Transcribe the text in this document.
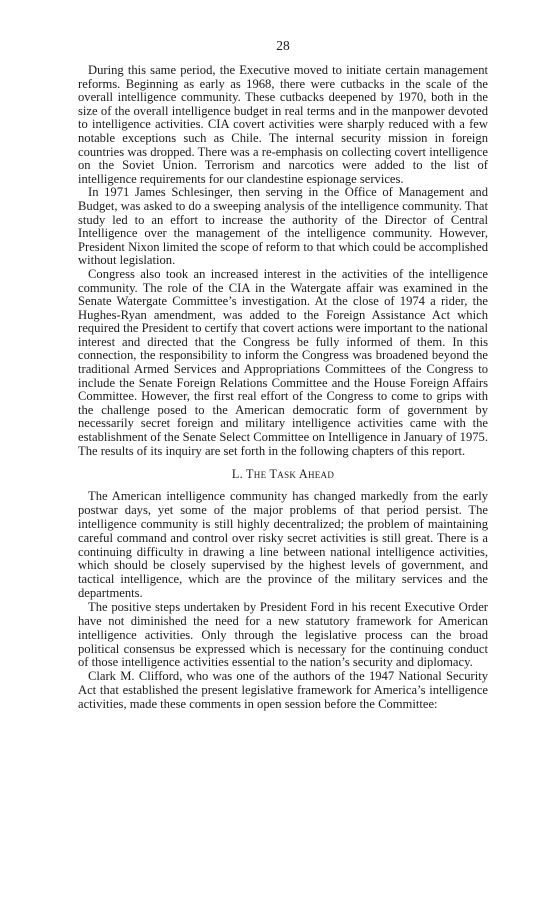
28

During this same period, the Executive moved to initiate certain management reforms. Beginning as early as 1968, there were cutbacks in the scale of the overall intelligence community. These cutbacks deepened by 1970, both in the size of the overall intelligence budget in real terms and in the manpower devoted to intelligence activities. CIA covert activities were sharply reduced with a few notable exceptions such as Chile. The internal security mission in foreign countries was dropped. There was a re-emphasis on collecting covert intelligence on the Soviet Union. Terrorism and narcotics were added to the list of intelligence requirements for our clandestine espionage services.

In 1971 James Schlesinger, then serving in the Office of Management and Budget, was asked to do a sweeping analysis of the intelligence community. That study led to an effort to increase the authority of the Director of Central Intelligence over the management of the intelligence community. However, President Nixon limited the scope of reform to that which could be accomplished without legislation.

Congress also took an increased interest in the activities of the intelligence community. The role of the CIA in the Watergate affair was examined in the Senate Watergate Committee’s investigation. At the close of 1974 a rider, the Hughes-Ryan amendment, was added to the Foreign Assistance Act which required the President to certify that covert actions were important to the national interest and directed that the Congress be fully informed of them. In this connection, the responsibility to inform the Congress was broadened beyond the traditional Armed Services and Appropriations Committees of the Congress to include the Senate Foreign Relations Committee and the House Foreign Affairs Committee. However, the first real effort of the Congress to come to grips with the challenge posed to the American democratic form of government by necessarily secret foreign and military intelligence activities came with the establishment of the Senate Select Committee on Intelligence in January of 1975. The results of its inquiry are set forth in the following chapters of this report.

L. The Task Ahead

The American intelligence community has changed markedly from the early postwar days, yet some of the major problems of that period persist. The intelligence community is still highly decentralized; the problem of maintaining careful command and control over risky secret activities is still great. There is a continuing difficulty in drawing a line between national intelligence activities, which should be closely supervised by the highest levels of government, and tactical intelligence, which are the province of the military services and the departments.

The positive steps undertaken by President Ford in his recent Executive Order have not diminished the need for a new statutory framework for American intelligence activities. Only through the legislative process can the broad political consensus be expressed which is necessary for the continuing conduct of those intelligence activities essential to the nation’s security and diplomacy.

Clark M. Clifford, who was one of the authors of the 1947 National Security Act that established the present legislative framework for America’s intelligence activities, made these comments in open session before the Committee:
